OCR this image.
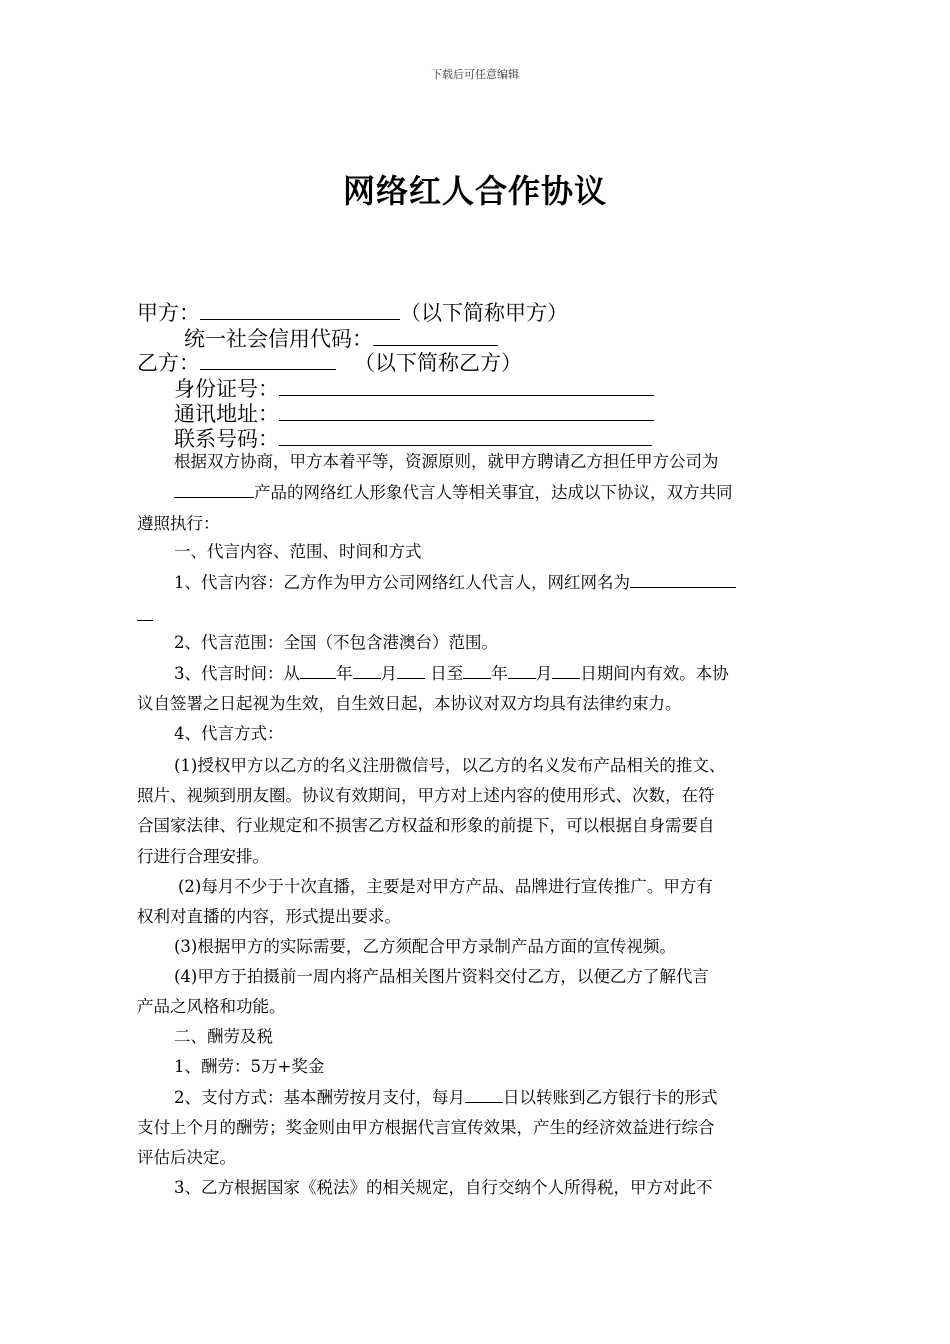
下载后可任意编辑
网络红人合作协议
甲方：	（以下简称甲方）
统一社会信用代码：
乙方：	（以下简称乙方）
身份证号：
通讯地址：
联系号码：
根据双方协商，甲方本着平等，资源原则，就甲方聘请乙方担任甲方公司为
产品的网络红人形象代言人等相关事宜，达成以下协议，双方共同
遵照执行：
一、代言内容、范围、时间和方式
1、代言内容：乙方作为甲方公司网络红人代言人，网红网名为
2、代言范围：全国（不包含港澳台）范围。
3、代言时间：从 年 月 日至 年 月 日期间内有效。本协
议自签署之日起视为生效，自生效日起，本协议对双方均具有法律约束力。
4、代言方式：
(1)授权甲方以乙方的名义注册微信号，以乙方的名义发布产品相关的推文、
照片、视频到朋友圈。协议有效期间，甲方对上述内容的使用形式、次数，在符
合国家法律、行业规定和不损害乙方权益和形象的前提下，可以根据自身需要自
行进行合理安排。
(2)每月不少于十次直播，主要是对甲方产品、品牌进行宣传推广。甲方有
权利对直播的内容，形式提出要求。
(3)根据甲方的实际需要，乙方须配合甲方录制产品方面的宣传视频。
(4)甲方于拍摄前一周内将产品相关图片资料交付乙方，以便乙方了解代言
产品之风格和功能。
二、酬劳及税
1、酬劳：5万+奖金
2、支付方式：基本酬劳按月支付，每月 日以转账到乙方银行卡的形式
支付上个月的酬劳；奖金则由甲方根据代言宣传效果，产生的经济效益进行综合
评估后决定。
3、乙方根据国家《税法》的相关规定，自行交纳个人所得税，甲方对此不
